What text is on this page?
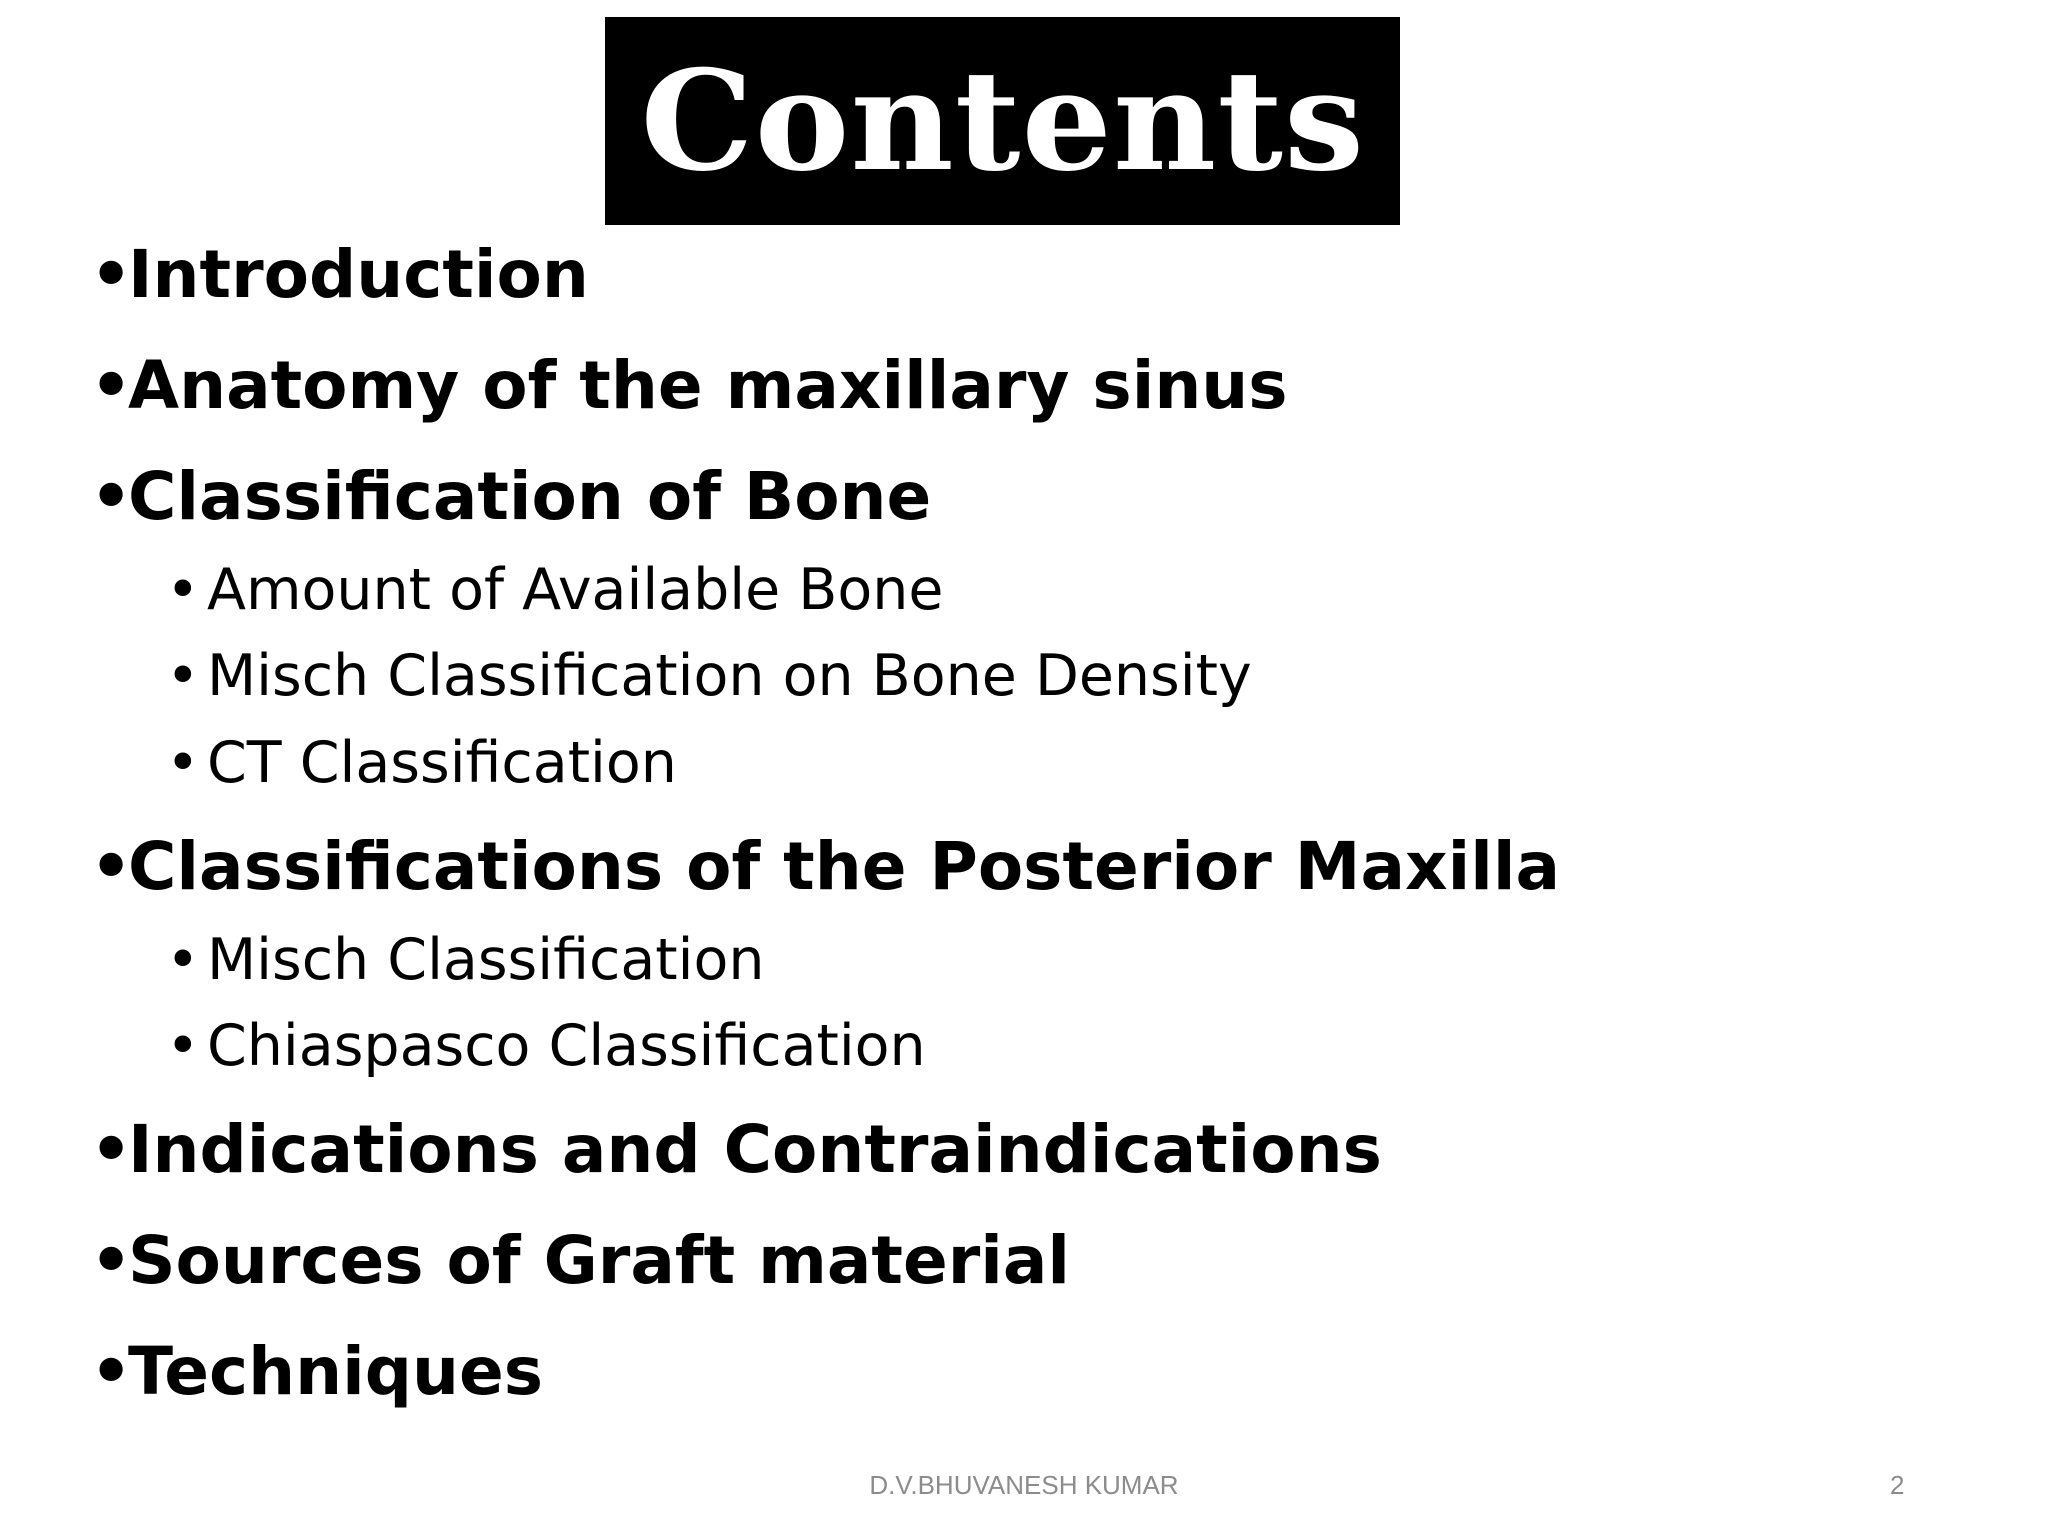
Contents
•
Introduction
•
Anatomy of the maxillary sinus
•
Classification of Bone
• Amount of Available Bone
• Misch Classification on Bone Density
• CT Classification
•
Classifications of the Posterior Maxilla
• Misch Classification
• Chiaspasco Classification
•
Indications and Contraindications
•
Sources of Graft material
•
Techniques
D.V.BHUVANESH KUMAR	2
